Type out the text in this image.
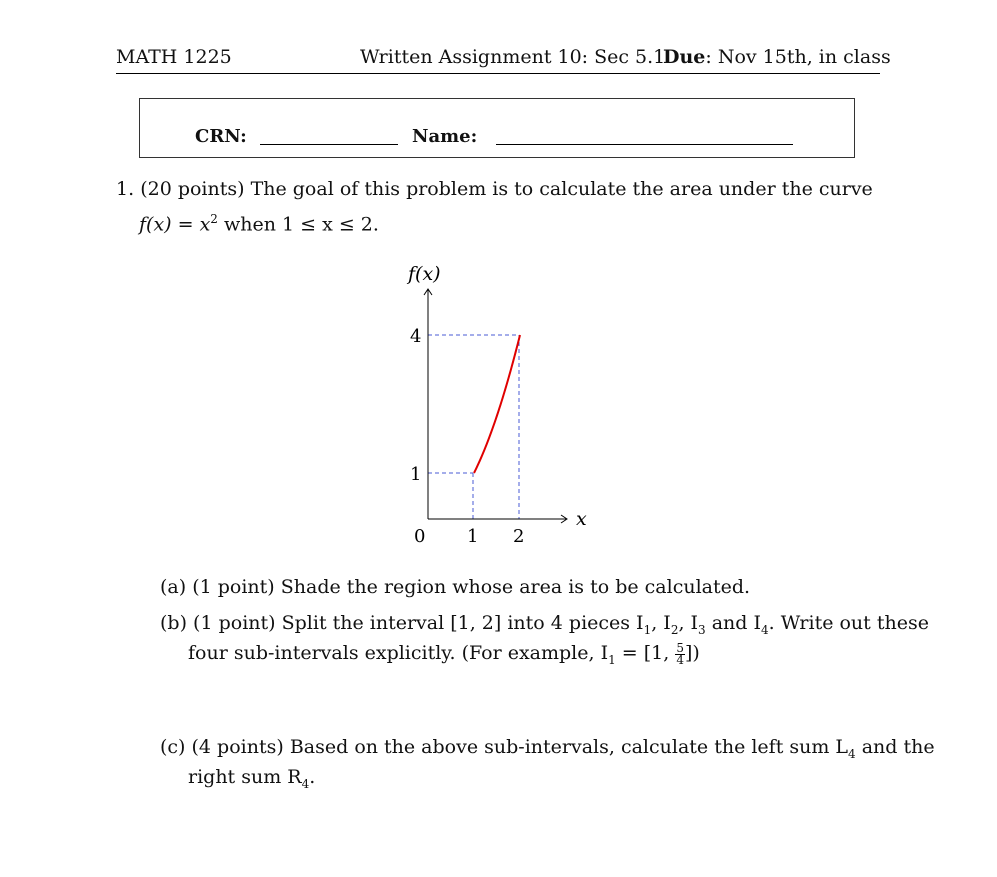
MATH 1225	Written Assignment 10: Sec 5.1
Due: Nov 15th, in class
CRN:	Name:
1. (20 points) The goal of this problem is to calculate the area under the curve
$f(x) = x^2$ when 1 ≤ x ≤ 2.
f(x)
x
0 1 2
1
4
(a) (1 point) Shade the region whose area is to be calculated.
(b) (1 point) Split the interval [1, 2] into 4 pieces $I_1$, $I_2$, $I_3$ and $I_4$. Write out these
four sub-intervals explicitly. (For example, $I_1 = [1$, $\frac{5}{4}$ ])
(c) (4 points) Based on the above sub-intervals, calculate the left sum $L_4$ and the
right sum $R_4$.
